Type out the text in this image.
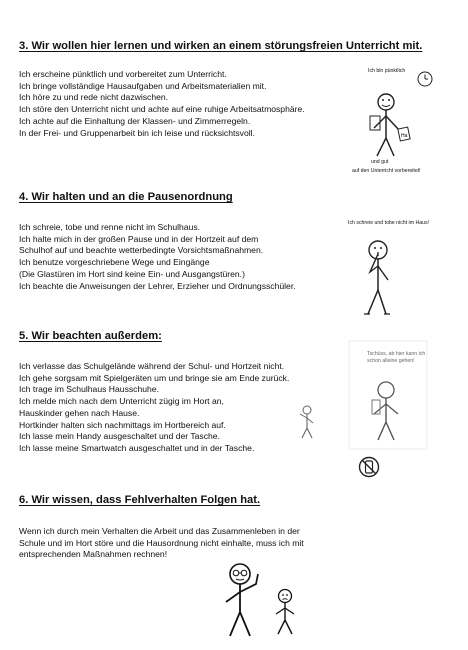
3. Wir wollen hier lernen und wirken an einem störungsfreien Unterricht mit.
Ich erscheine pünktlich und vorbereitet zum Unterricht.
Ich bringe vollständige Hausaufgaben und Arbeitsmaterialien mit.
Ich höre zu und rede nicht dazwischen.
Ich störe den Unterricht nicht und achte auf eine ruhige Arbeitsatmosphäre.
Ich achte auf die Einhaltung der Klassen- und Zimmerregeln.
In der Frei- und Gruppenarbeit bin ich leise und rücksichtsvoll.
Ich bin pünktlich
Ha
und gut
auf den Unterricht vorbereitet!
4. Wir halten und an die Pausenordnung
Ich schreie, tobe und renne nicht im Schulhaus.
Ich halte mich in der großen Pause und in der Hortzeit auf dem
Schulhof auf und beachte wetterbedingte Vorsichtsmaßnahmen.
Ich benutze vorgeschriebene Wege und Eingänge
(Die Glastüren im Hort sind keine Ein- und Ausgangstüren.)
Ich beachte die Anweisungen der Lehrer, Erzieher und Ordnungsschüler.
Ich schreie und tobe nicht im Haus!
5. Wir beachten außerdem:
Ich verlasse das Schulgelände während der Schul- und Hortzeit nicht.
Ich gehe sorgsam mit Spielgeräten um und bringe sie am Ende zurück.
Ich trage im Schulhaus Hausschuhe.
Ich melde mich nach dem Unterricht zügig im Hort an,
Hauskinder gehen nach Hause.
Hortkinder halten sich nachmittags im Hortbereich auf.
Ich lasse mein Handy ausgeschaltet und der Tasche.
Ich lasse meine Smartwatch ausgeschaltet und in der Tasche.
Tschüss, ab hier kann ich
schon alleine gehen!
6. Wir wissen, dass Fehlverhalten Folgen hat.
Wenn ich durch mein Verhalten die Arbeit und das Zusammenleben in der
Schule und im Hort störe und die Hausordnung nicht einhalte, muss ich mit
entsprechenden Maßnahmen rechnen!
